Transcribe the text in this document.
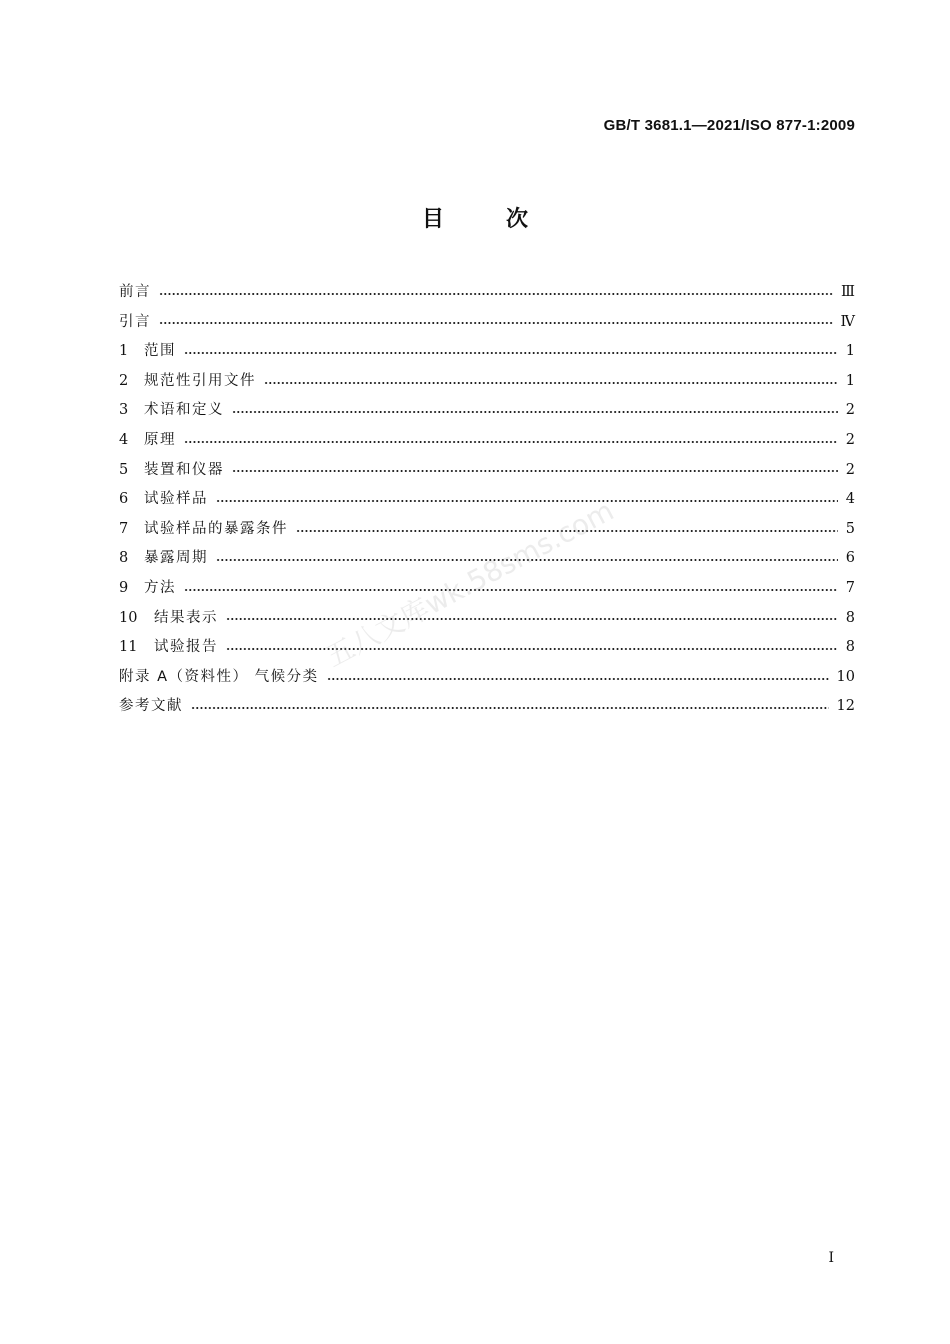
GB/T 3681.1—2021/ISO 877-1:2009
目次
前言	Ⅲ
引言	Ⅳ
1	范围	1
2	规范性引用文件	1
3	术语和定义	2
4	原理	2
5	装置和仪器	2
6	试验样品	4
7	试验样品的暴露条件	5
8	暴露周期	6
9	方法	7
10	结果表示	8
11	试验报告	8
附录 A（资料性） 气候分类	10
参考文献	12
五八文库wk.58sms.com
I
